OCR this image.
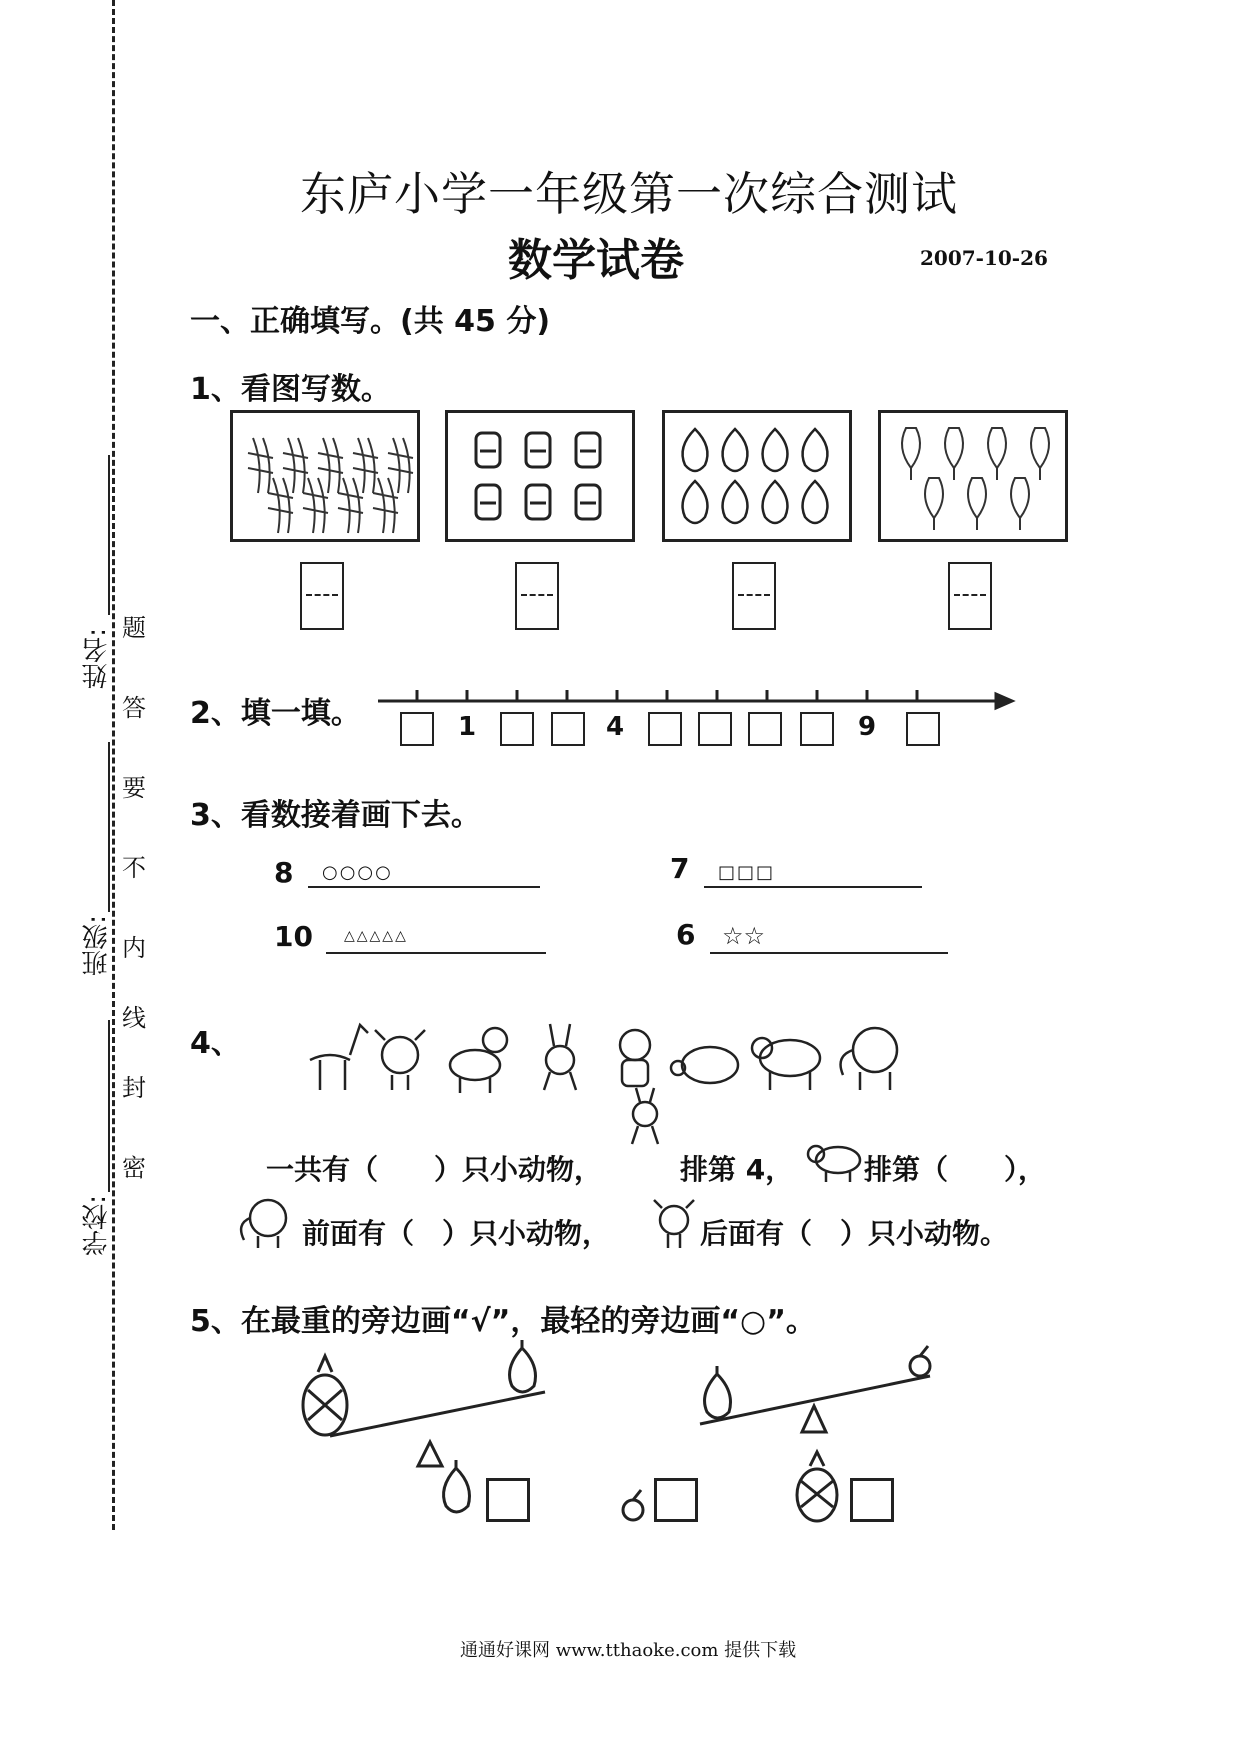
姓名:
班级:
学校:
题
答
要
不
内
线
封
密
东庐小学一年级第一次综合测试
数学试卷	2007-10-26
一、正确填写。(共 45 分)
1、看图写数。
2、填一填。	1	4	9
3、看数接着画下去。
8 ○○○○	7 □□□
10 △△△△△	6 ☆☆
4、
一共有（　　）只小动物，	排第 4，	排第（　　），
前面有（　）只小动物，	后面有（　）只小动物。
5、在最重的旁边画“√”，最轻的旁边画“○”。
通通好课网 www.tthaoke.com 提供下载
